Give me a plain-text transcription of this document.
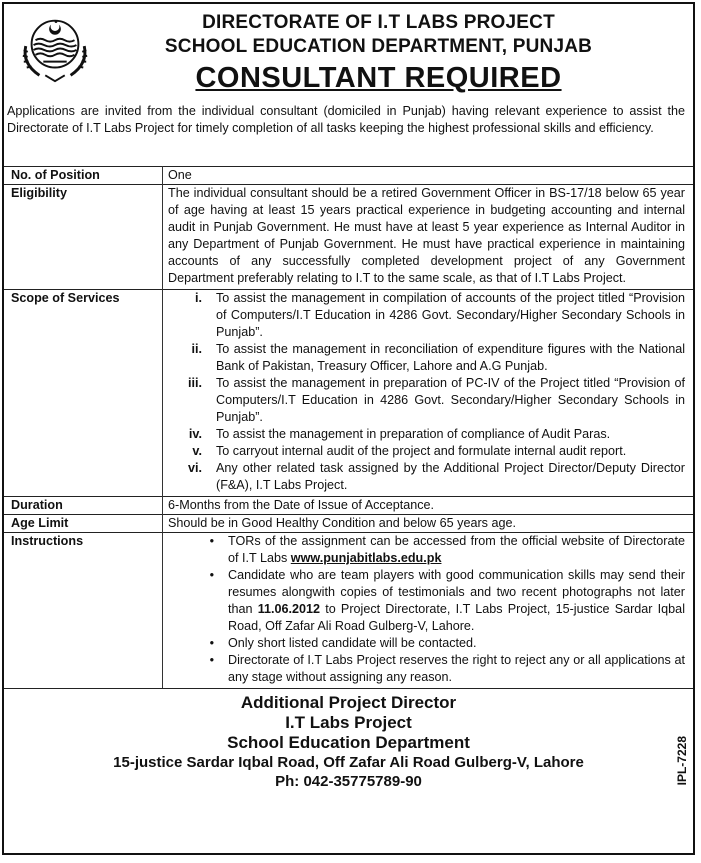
DIRECTORATE OF I.T LABS PROJECT
SCHOOL EDUCATION DEPARTMENT, PUNJAB
CONSULTANT REQUIRED

Applications are invited from the individual consultant (domiciled in Punjab) having relevant experience to assist the Directorate of I.T Labs Project for timely completion of all tasks keeping the highest professional skills and efficiency.

No. of Position	One
Eligibility	The individual consultant should be a retired Government Officer in BS-17/18 below 65 year of age having at least 15 years practical experience in budgeting accounting and internal audit in Punjab Government. He must have at least 5 year experience as Internal Auditor in any Department of Punjab Government. He must have practical experience in maintaining accounts of any successfully completed development project of any Government Department preferably relating to I.T to the same scale, as that of I.T Labs Project.
Scope of Services	i.	To assist the management in compilation of accounts of the project titled “Provision of Computers/I.T Education in 4286 Govt. Secondary/Higher Secondary Schools in Punjab”.
ii.	To assist the management in reconciliation of expenditure figures with the National Bank of Pakistan, Treasury Officer, Lahore and A.G Punjab.
iii.	To assist the management in preparation of PC-IV of the Project titled “Provision of Computers/I.T Education in 4286 Govt. Secondary/Higher Secondary Schools in Punjab”.
iv.	To assist the management in preparation of compliance of Audit Paras.
v.	To carryout internal audit of the project and formulate internal audit report.
vi.	Any other related task assigned by the Additional Project Director/Deputy Director (F&A), I.T Labs Project.

Duration	6-Months from the Date of Issue of Acceptance.
Age Limit	Should be in Good Healthy Condition and below 65 years age.
Instructions	•	TORs of the assignment can be accessed from the official website of Directorate of I.T Labs www.punjabitlabs.edu.pk
•	Candidate who are team players with good communication skills may send their resumes alongwith copies of testimonials and two recent photographs not later than 11.06.2012 to Project Directorate, I.T Labs Project, 15-justice Sardar Iqbal Road, Off Zafar Ali Road Gulberg-V, Lahore.
•	Only short listed candidate will be contacted.
•	Directorate of I.T Labs Project reserves the right to reject any or all applications at any stage without assigning any reason.
Additional Project Director
I.T Labs Project
School Education Department
15-justice Sardar Iqbal Road, Off Zafar Ali Road Gulberg-V, Lahore
Ph: 042-35775789-90	IPL-7228
